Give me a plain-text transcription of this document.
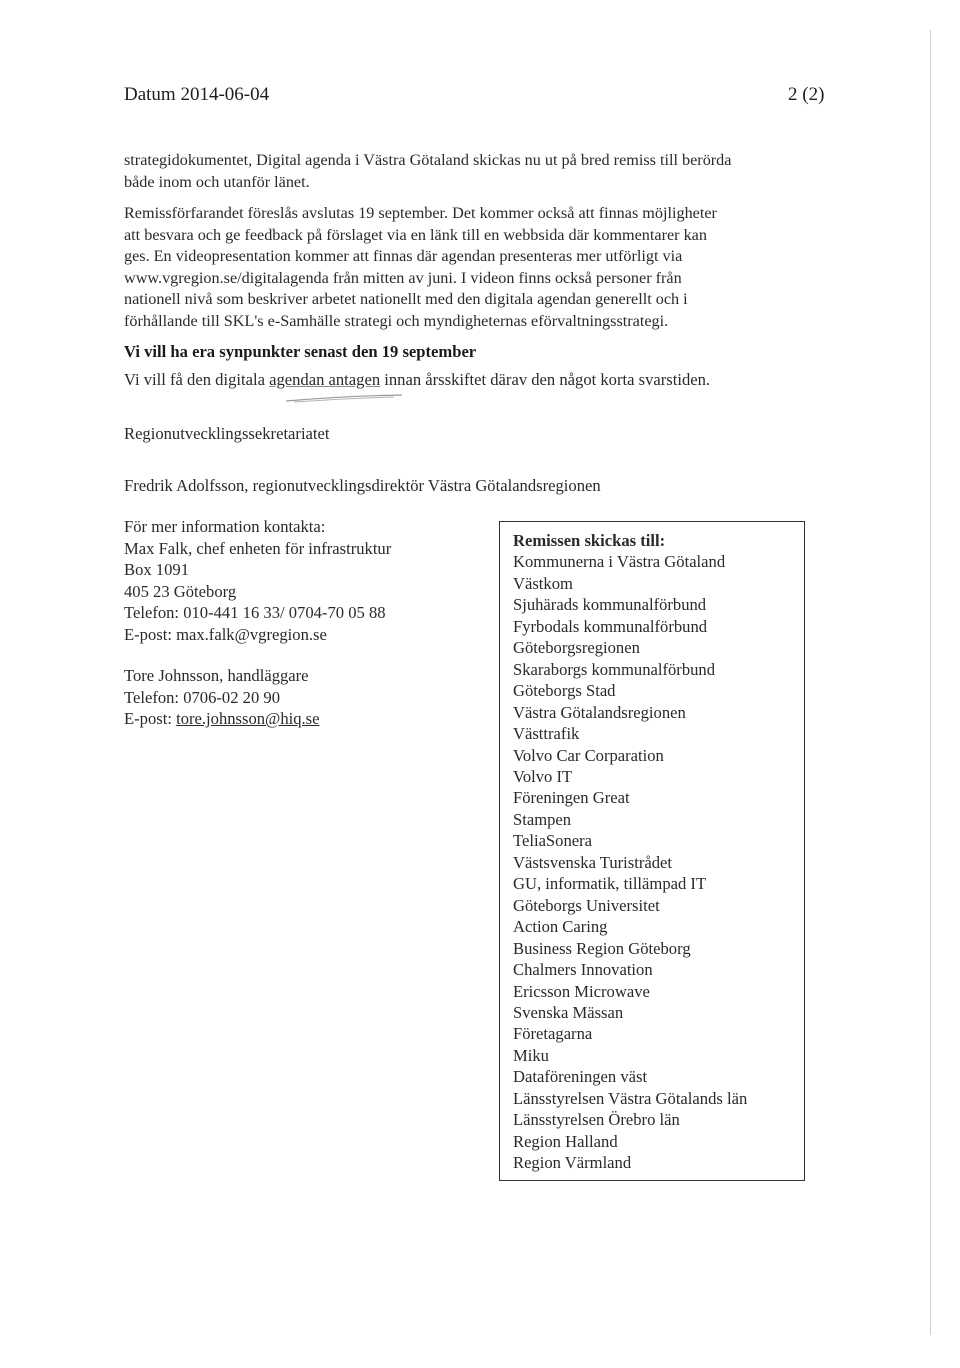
Datum 2014-06-04	2 (2)
strategidokumentet, Digital agenda i Västra Götaland skickas nu ut på bred remiss till berörda
både inom och utanför länet.
Remissförfarandet föreslås avslutas 19 september. Det kommer också att finnas möjligheter
att besvara och ge feedback på förslaget via en länk till en webbsida där kommentarer kan
ges. En videopresentation kommer att finnas där agendan presenteras mer utförligt via
www.vgregion.se/digitalagenda från mitten av juni. I videon finns också personer från
nationell nivå som beskriver arbetet nationellt med den digitala agendan generellt och i
förhållande till SKL's e-Samhälle strategi och myndigheternas eförvaltningsstrategi.
Vi vill ha era synpunkter senast den 19 september
Vi vill få den digitala agendan antagen innan årsskiftet därav den något korta svarstiden.
Regionutvecklingssekretariatet
Fredrik Adolfsson, regionutvecklingsdirektör Västra Götalandsregionen
För mer information kontakta:
Max Falk, chef enheten för infrastruktur
Box 1091
405 23 Göteborg
Telefon: 010-441 16 33/ 0704-70 05 88
E-post: max.falk@vgregion.se
Tore Johnsson, handläggare
Telefon: 0706-02 20 90
E-post: tore.johnsson@hiq.se
Remissen skickas till:
Kommunerna i Västra Götaland
Västkom
Sjuhärads kommunalförbund
Fyrbodals kommunalförbund
Göteborgsregionen
Skaraborgs kommunalförbund
Göteborgs Stad
Västra Götalandsregionen
Västtrafik
Volvo Car Corparation
Volvo IT
Föreningen Great
Stampen
TeliaSonera
Västsvenska Turistrådet
GU, informatik, tillämpad IT
Göteborgs Universitet
Action Caring
Business Region Göteborg
Chalmers Innovation
Ericsson Microwave
Svenska Mässan
Företagarna
Miku
Dataföreningen väst
Länsstyrelsen Västra Götalands län
Länsstyrelsen Örebro län
Region Halland
Region Värmland
